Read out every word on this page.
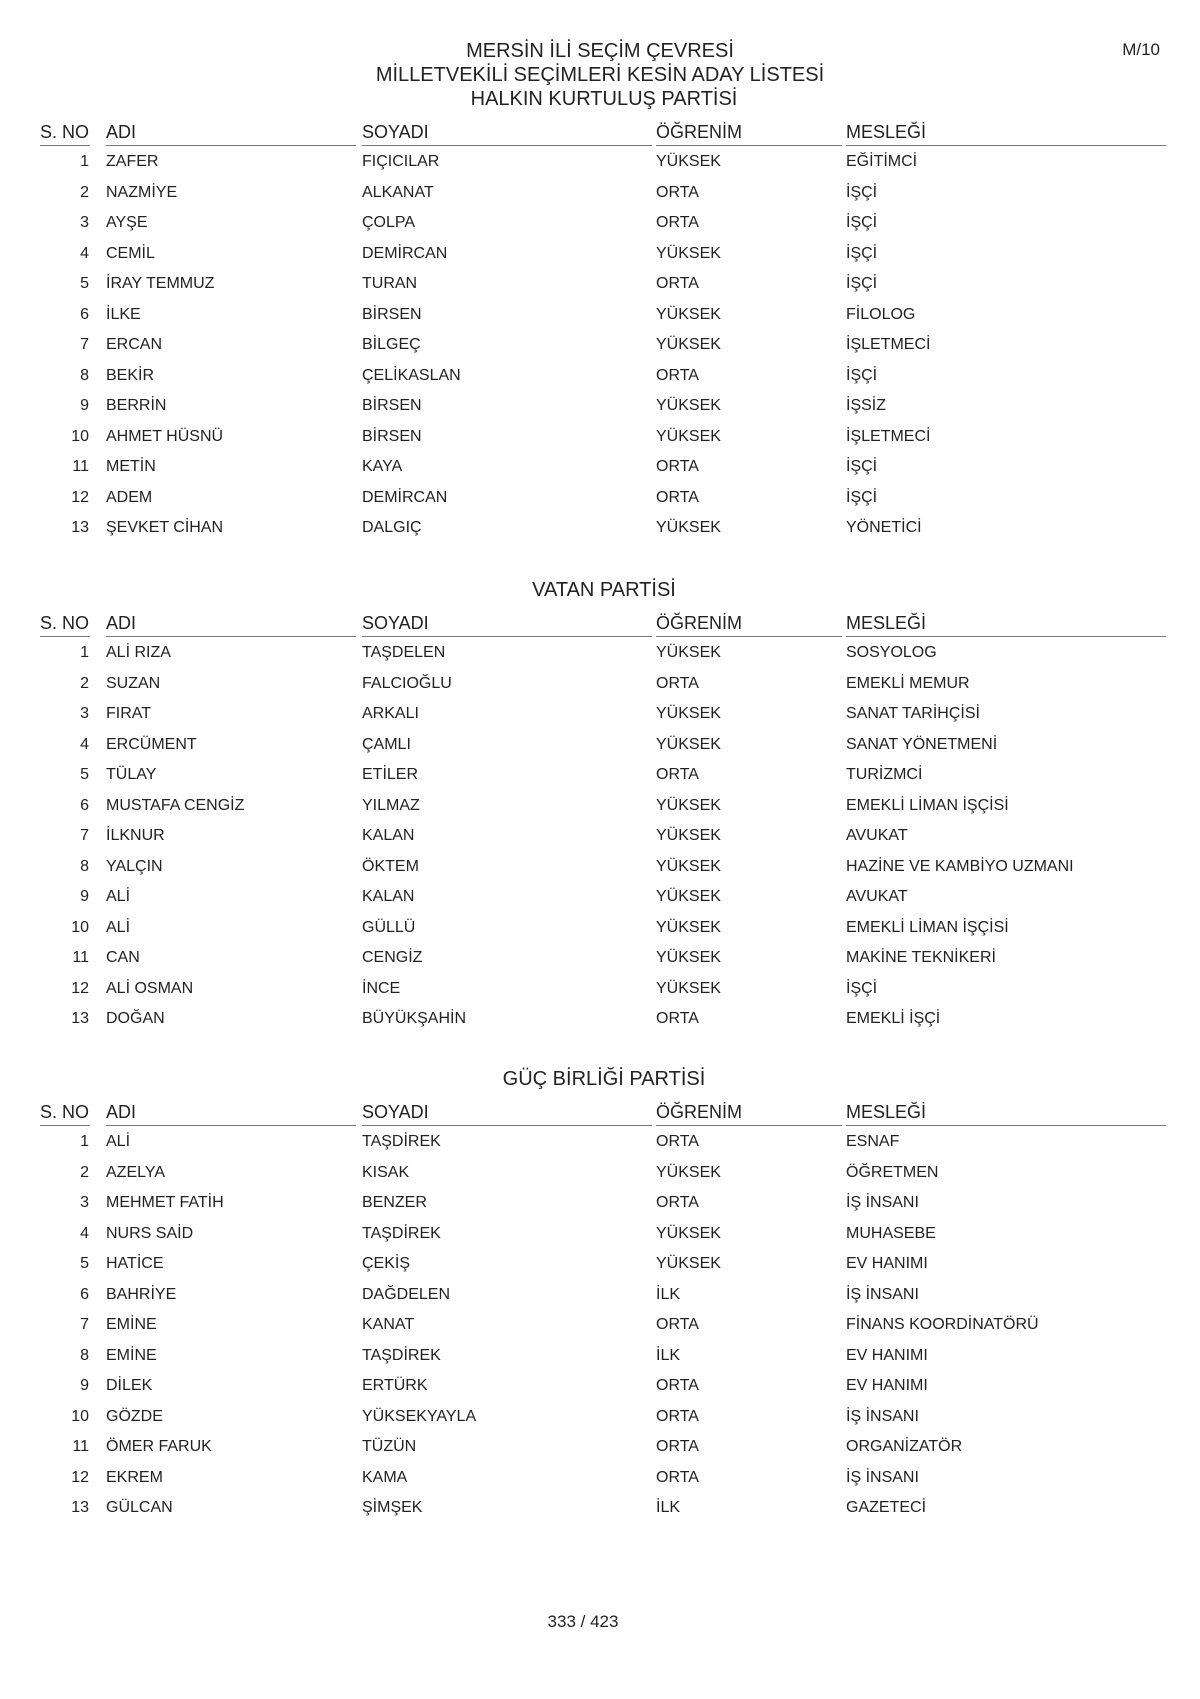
M/10
MERSİN İLİ SEÇİM ÇEVRESİ
MİLLETVEKİLİ SEÇİMLERİ KESİN ADAY LİSTESİ
HALKIN KURTULUŞ PARTİSİ
S. NO ADI	SOYADI	ÖĞRENİM	MESLEĞİ
1 ZAFER	FIÇICILAR	YÜKSEK	EĞİTİMCİ
2 NAZMİYE	ALKANAT	ORTA	İŞÇİ
3 AYŞE	ÇOLPA	ORTA	İŞÇİ
4 CEMİL	DEMİRCAN	YÜKSEK	İŞÇİ
5 İRAY TEMMUZ	TURAN	ORTA	İŞÇİ
6 İLKE	BİRSEN	YÜKSEK	FİLOLOG
7 ERCAN	BİLGEÇ	YÜKSEK	İŞLETMECİ
8 BEKİR	ÇELİKASLAN	ORTA	İŞÇİ
9 BERRİN	BİRSEN	YÜKSEK	İŞSİZ
10 AHMET HÜSNÜ	BİRSEN	YÜKSEK	İŞLETMECİ
11 METİN	KAYA	ORTA	İŞÇİ
12 ADEM	DEMİRCAN	ORTA	İŞÇİ
13 ŞEVKET CİHAN	DALGIÇ	YÜKSEK	YÖNETİCİ
VATAN PARTİSİ
S. NO ADI	SOYADI	ÖĞRENİM	MESLEĞİ
1 ALİ RIZA	TAŞDELEN	YÜKSEK	SOSYOLOG
2 SUZAN	FALCIOĞLU	ORTA	EMEKLİ MEMUR
3 FIRAT	ARKALI	YÜKSEK	SANAT TARİHÇİSİ
4 ERCÜMENT	ÇAMLI	YÜKSEK	SANAT YÖNETMENİ
5 TÜLAY	ETİLER	ORTA	TURİZMCİ
6 MUSTAFA CENGİZ	YILMAZ	YÜKSEK	EMEKLİ LİMAN İŞÇİSİ
7 İLKNUR	KALAN	YÜKSEK	AVUKAT
8 YALÇIN	ÖKTEM	YÜKSEK	HAZİNE VE KAMBİYO UZMANI
9 ALİ	KALAN	YÜKSEK	AVUKAT
10 ALİ	GÜLLÜ	YÜKSEK	EMEKLİ LİMAN İŞÇİSİ
11 CAN	CENGİZ	YÜKSEK	MAKİNE TEKNİKERİ
12 ALİ OSMAN	İNCE	YÜKSEK	İŞÇİ
13 DOĞAN	BÜYÜKŞAHİN	ORTA	EMEKLİ İŞÇİ
GÜÇ BİRLİĞİ PARTİSİ
S. NO ADI	SOYADI	ÖĞRENİM	MESLEĞİ
1 ALİ	TAŞDİREK	ORTA	ESNAF
2 AZELYA	KISAK	YÜKSEK	ÖĞRETMEN
3 MEHMET FATİH	BENZER	ORTA	İŞ İNSANI
4 NURS SAİD	TAŞDİREK	YÜKSEK	MUHASEBE
5 HATİCE	ÇEKİŞ	YÜKSEK	EV HANIMI
6 BAHRİYE	DAĞDELEN	İLK	İŞ İNSANI
7 EMİNE	KANAT	ORTA	FİNANS KOORDİNATÖRÜ
8 EMİNE	TAŞDİREK	İLK	EV HANIMI
9 DİLEK	ERTÜRK	ORTA	EV HANIMI
10 GÖZDE	YÜKSEKYAYLA	ORTA	İŞ İNSANI
11 ÖMER FARUK	TÜZÜN	ORTA	ORGANİZATÖR
12 EKREM	KAMA	ORTA	İŞ İNSANI
13 GÜLCAN	ŞİMŞEK	İLK	GAZETECİ
333 / 423
